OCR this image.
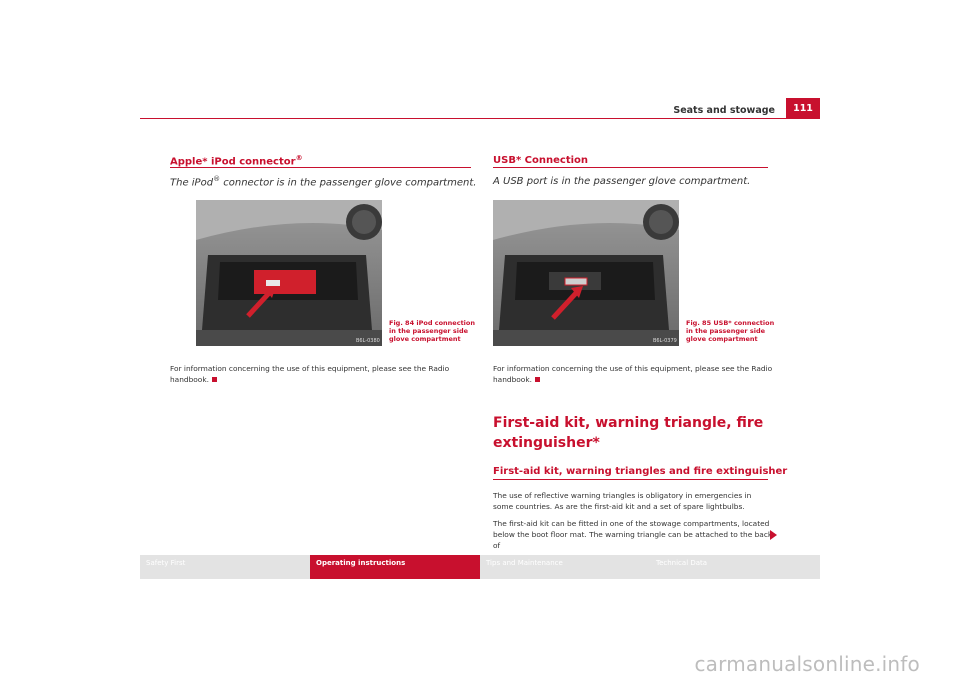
Seats and stowage	111
Apple* iPod connector®
The iPod® connector is in the passenger glove compartment.
B6L-0380
Fig. 84 iPod connection
in the passenger side
glove compartment
For information concerning the use of this equipment, please see the Radio handbook.
USB* Connection
A USB port is in the passenger glove compartment.
B6L-0379
Fig. 85 USB* connection
in the passenger side
glove compartment
For information concerning the use of this equipment, please see the Radio handbook.
First-aid kit, warning triangle, fire
extinguisher*
First-aid kit, warning triangles and fire extinguisher
The use of reflective warning triangles is obligatory in emergencies in some countries. As are the first-aid kit and a set of spare lightbulbs.
The first-aid kit can be fitted in one of the stowage compartments, located below the boot floor mat. The warning triangle can be attached to the back of
Safety First	Operating instructions	Tips and Maintenance	Technical Data
carmanualsonline.info
